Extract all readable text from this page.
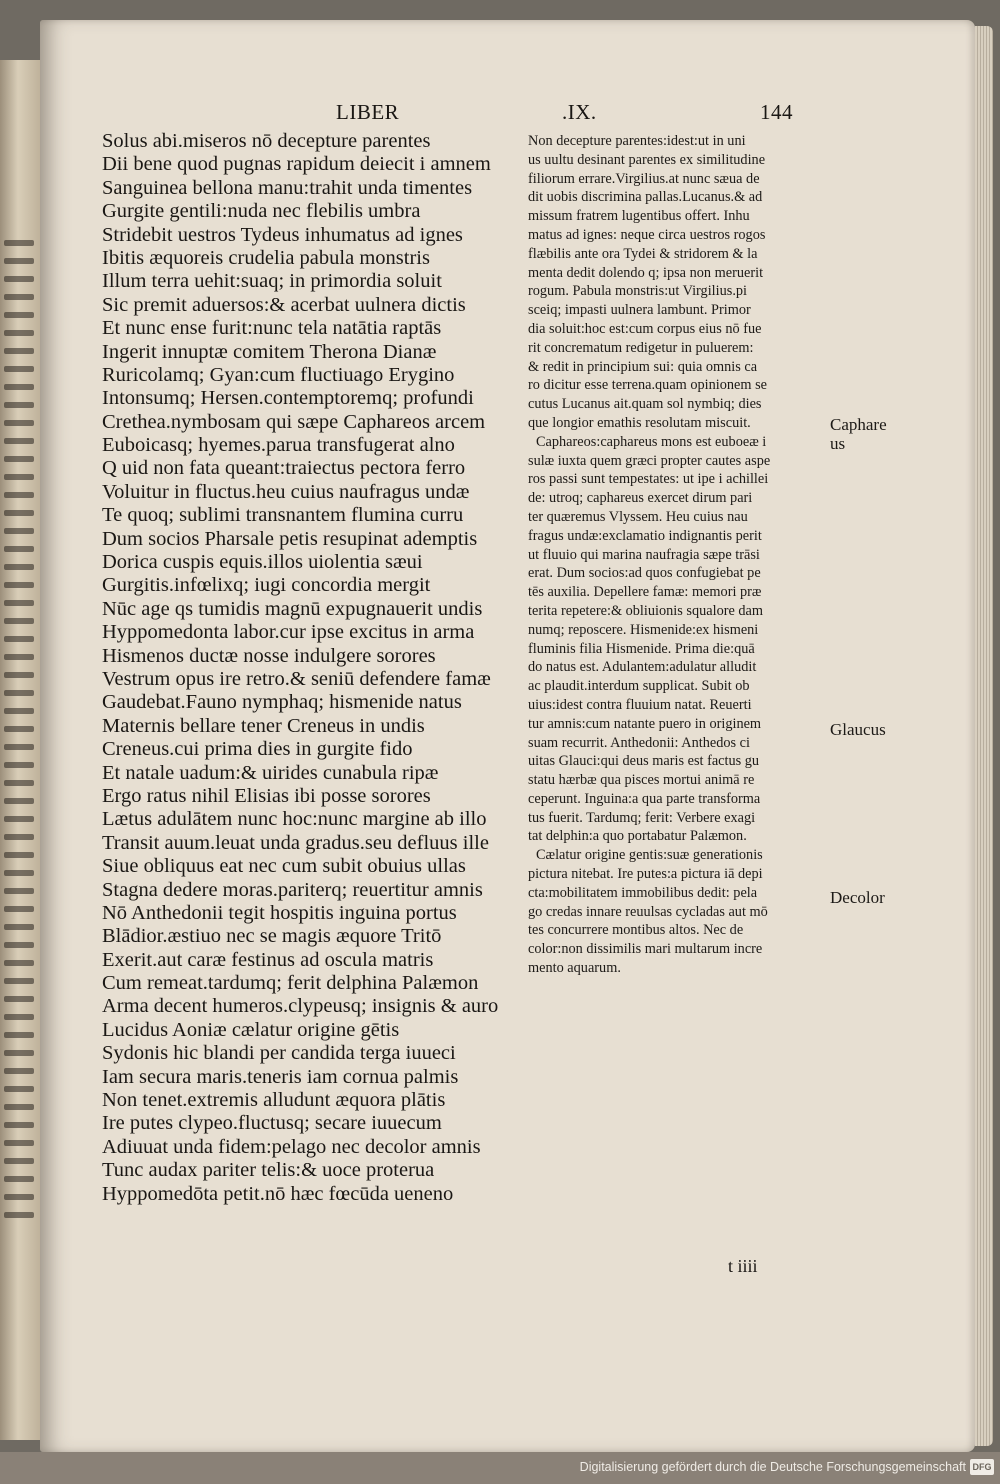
LIBER	.IX.	144
Solus abi.miseros nō decepture parentes
Dii bene quod pugnas rapidum deiecit i amnem
Sanguinea bellona manu:trahit unda timentes
Gurgite gentili:nuda nec flebilis umbra
Stridebit uestros Tydeus inhumatus ad ignes
Ibitis æquoreis crudelia pabula monstris
Illum terra uehit:suaq; in primordia soluit
Sic premit aduersos:& acerbat uulnera dictis
Et nunc ense furit:nunc tela natātia raptās
Ingerit innuptæ comitem Therona Dianæ
Ruricolamq; Gyan:cum fluctiuago Erygino
Intonsumq; Hersen.contemptoremq; profundi
Crethea.nymbosam qui sæpe Caphareos arcem
Euboicasq; hyemes.parua transfugerat alno
Q uid non fata queant:traiectus pectora ferro
Voluitur in fluctus.heu cuius naufragus undæ
Te quoq; sublimi transnantem flumina curru
Dum socios Pharsale petis resupinat ademptis
Dorica cuspis equis.illos uiolentia sæui
Gurgitis.infœlixq; iugi concordia mergit
Nūc age qs tumidis magnū expugnauerit undis
Hyppomedonta labor.cur ipse excitus in arma
Hismenos ductæ nosse indulgere sorores
Vestrum opus ire retro.& seniū defendere famæ
Gaudebat.Fauno nymphaq; hismenide natus
Maternis bellare tener Creneus in undis
Creneus.cui prima dies in gurgite fido
Et natale uadum:& uirides cunabula ripæ
Ergo ratus nihil Elisias ibi posse sorores
Lætus adulātem nunc hoc:nunc margine ab illo
Transit auum.leuat unda gradus.seu defluus ille
Siue obliquus eat nec cum subit obuius ullas
Stagna dedere moras.pariterq; reuertitur amnis
Nō Anthedonii tegit hospitis inguina portus
Blādior.æstiuo nec se magis æquore Tritō
Exerit.aut caræ festinus ad oscula matris
Cum remeat.tardumq; ferit delphina Palæmon
Arma decent humeros.clypeusq; insignis & auro
Lucidus Aoniæ cælatur origine gētis
Sydonis hic blandi per candida terga iuueci
Iam secura maris.teneris iam cornua palmis
Non tenet.extremis alludunt æquora plātis
Ire putes clypeo.fluctusq; secare iuuecum
Adiuuat unda fidem:pelago nec decolor amnis
Tunc audax pariter telis:& uoce proterua
Hyppomedōta petit.nō hæc fœcūda ueneno
Non decepture parentes:idest:ut in uni
us uultu desinant parentes ex similitudine
filiorum errare.Virgilius.at nunc sæua de
dit uobis discrimina pallas.Lucanus.& ad
missum fratrem lugentibus offert. Inhu
matus ad ignes: neque circa uestros rogos
flæbilis ante ora Tydei & stridorem & la
menta dedit dolendo q; ipsa non meruerit
rogum. Pabula monstris:ut Virgilius.pi
sceiq; impasti uulnera lambunt. Primor
dia soluit:hoc est:cum corpus eius nō fue
rit concrematum redigetur in puluerem:
& redit in principium sui: quia omnis ca
ro dicitur esse terrena.quam opinionem se
cutus Lucanus ait.quam sol nymbiq; dies
que longior emathis resolutam miscuit.
Caphareos:caphareus mons est euboeæ i
sulæ iuxta quem græci propter cautes aspe
ros passi sunt tempestates: ut ipe i achillei
de: utroq; caphareus exercet dirum pari
ter quæremus Vlyssem. Heu cuius nau
fragus undæ:exclamatio indignantis perit
ut fluuio qui marina naufragia sæpe trāsi
erat. Dum socios:ad quos confugiebat pe
tēs auxilia. Depellere famæ: memori præ
terita repetere:& obliuionis squalore dam
numq; reposcere. Hismenide:ex hismeni
fluminis filia Hismenide. Prima die:quā
do natus est. Adulantem:adulatur alludit
ac plaudit.interdum supplicat. Subit ob
uius:idest contra fluuium natat. Reuerti
tur amnis:cum natante puero in originem
suam recurrit. Anthedonii: Anthedos ci
uitas Glauci:qui deus maris est factus gu
statu hærbæ qua pisces mortui animā re
ceperunt. Inguina:a qua parte transforma
tus fuerit. Tardumq; ferit: Verbere exagi
tat delphin:a quo portabatur Palæmon.
Cælatur origine gentis:suæ generationis
pictura nitebat. Ire putes:a pictura iā depi
cta:mobilitatem immobilibus dedit: pela
go credas innare reuulsas cycladas aut mō
tes concurrere montibus altos. Nec de
color:non dissimilis mari multarum incre
mento aquarum.
Caphare
us
Glaucus
Decolor
t iiii
Digitalisierung gefördert durch die Deutsche Forschungsgemeinschaft DFG
